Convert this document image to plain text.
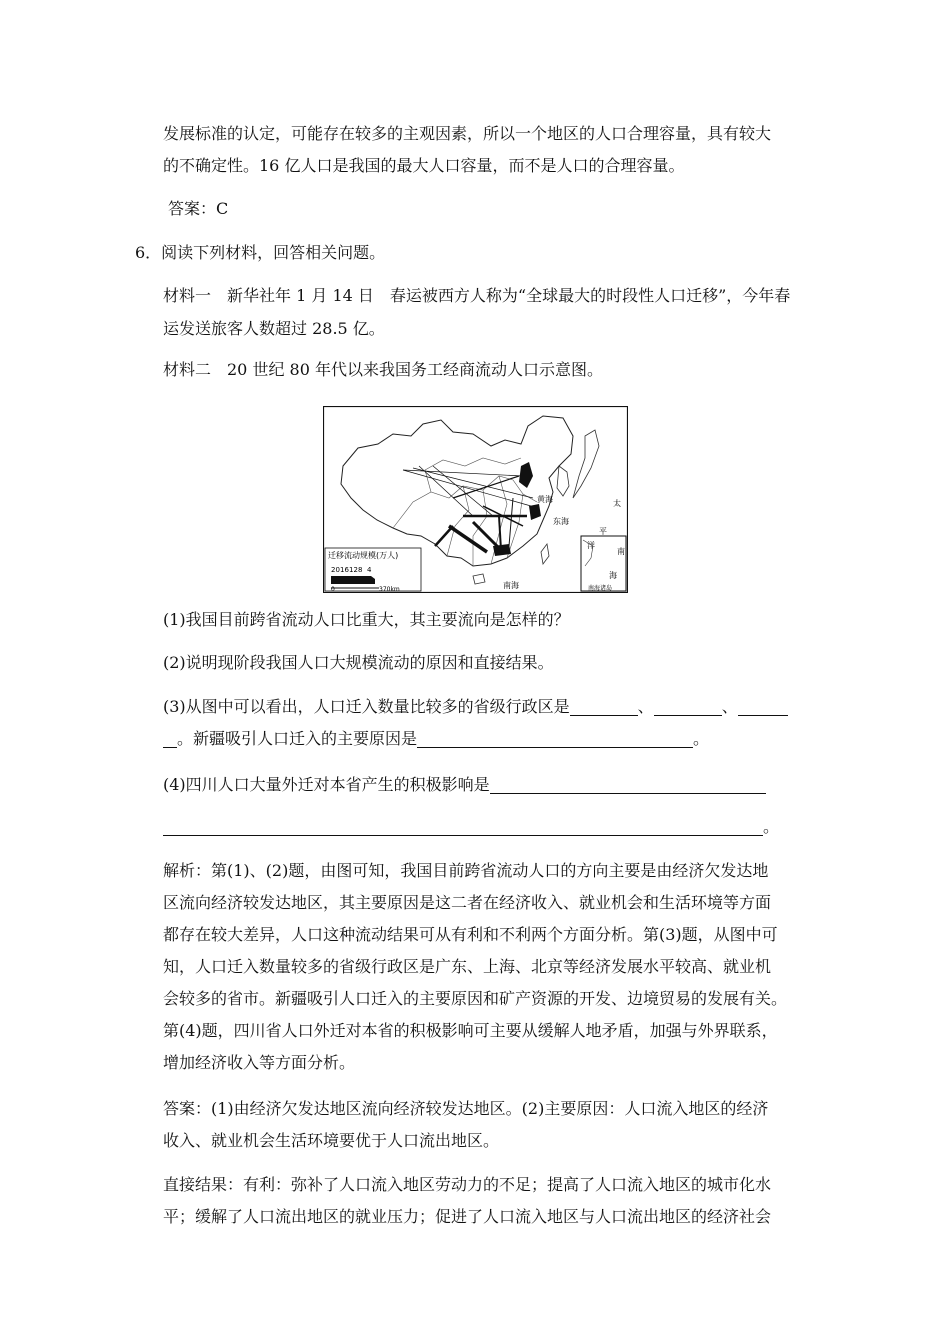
发展标准的认定，可能存在较多的主观因素，所以一个地区的人口合理容量，具有较大
的不确定性。16 亿人口是我国的最大人口容量，而不是人口的合理容量。
答案：C
6．阅读下列材料，回答相关问题。
材料一　新华社年 1 月 14 日　春运被西方人称为“全球最大的时段性人口迁移”，今年春
运发送旅客人数超过 28.5 亿。
材料二　20 世纪 80 年代以来我国务工经商流动人口示意图。
迁移流动规模(万人)
20 16 12 8 4
0	370km
黄海
东海
太
平
洋
南
海
南海	南海诸岛
(1)我国目前跨省流动人口比重大，其主要流向是怎样的？
(2)说明现阶段我国人口大规模流动的原因和直接结果。
(3)从图中可以看出，人口迁入数量比较多的省级行政区是	、	、
。新疆吸引人口迁入的主要原因是	。
(4)四川人口大量外迁对本省产生的积极影响是
。
解析：第(1)、(2)题，由图可知，我国目前跨省流动人口的方向主要是由经济欠发达地
区流向经济较发达地区，其主要原因是这二者在经济收入、就业机会和生活环境等方面
都存在较大差异，人口这种流动结果可从有利和不利两个方面分析。第(3)题，从图中可
知，人口迁入数量较多的省级行政区是广东、上海、北京等经济发展水平较高、就业机
会较多的省市。新疆吸引人口迁入的主要原因和矿产资源的开发、边境贸易的发展有关。
第(4)题，四川省人口外迁对本省的积极影响可主要从缓解人地矛盾，加强与外界联系，
增加经济收入等方面分析。
答案：(1)由经济欠发达地区流向经济较发达地区。(2)主要原因：人口流入地区的经济
收入、就业机会生活环境要优于人口流出地区。
直接结果：有利：弥补了人口流入地区劳动力的不足；提高了人口流入地区的城市化水
平；缓解了人口流出地区的就业压力；促进了人口流入地区与人口流出地区的经济社会
